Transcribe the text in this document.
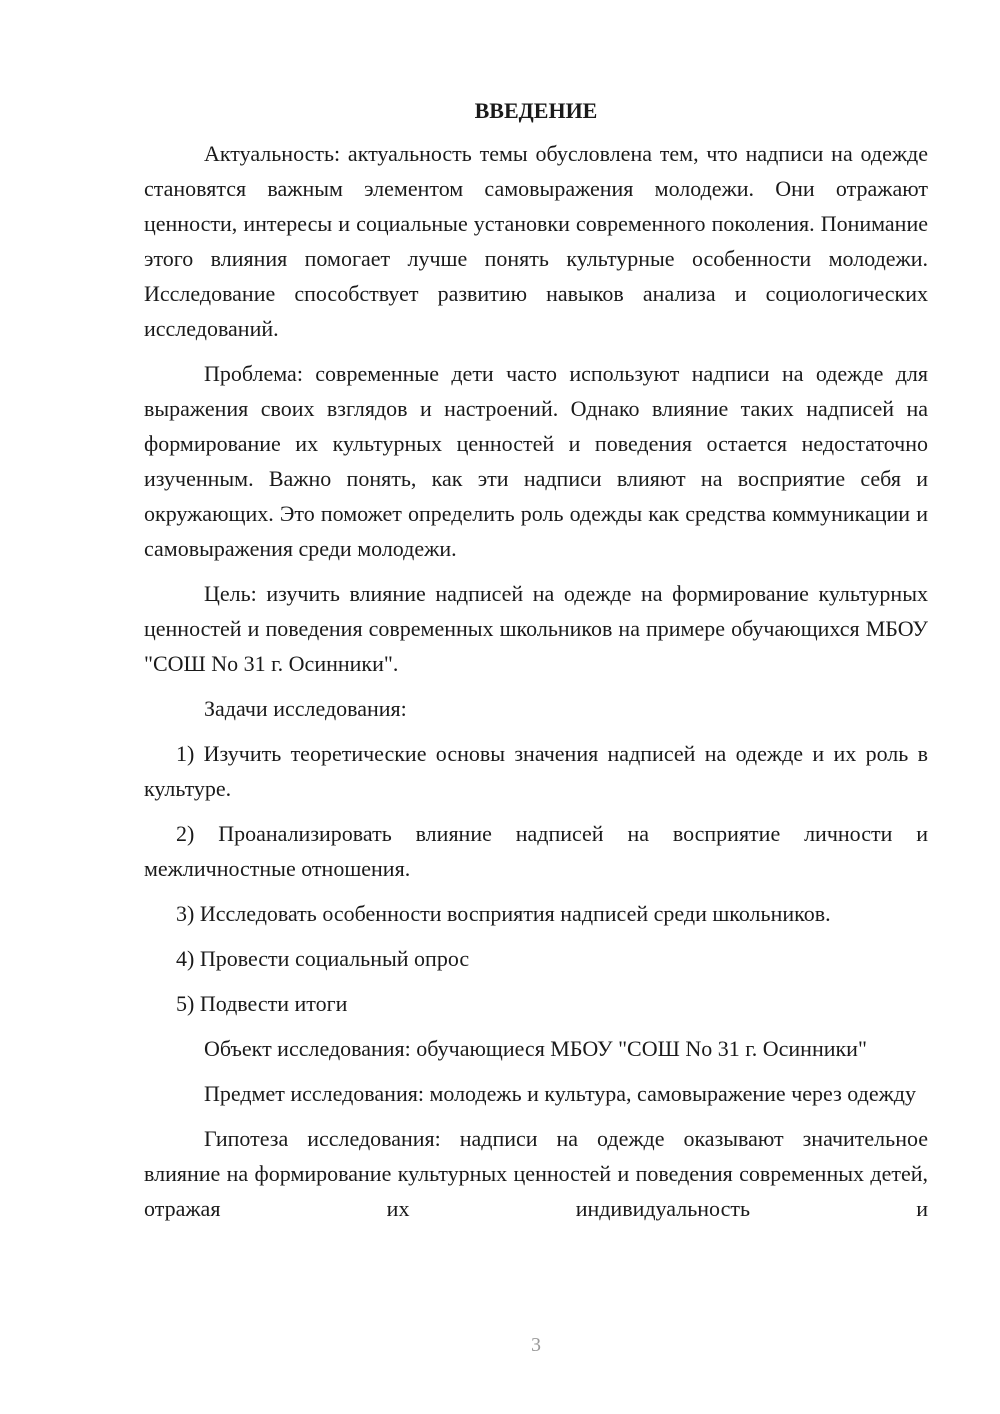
ВВЕДЕНИЕ

Актуальность: актуальность темы обусловлена тем, что надписи на одежде становятся важным элементом самовыражения молодежи. Они отражают ценности, интересы и социальные установки современного поколения. Понимание этого влияния помогает лучше понять культурные особенности молодежи. Исследование способствует развитию навыков анализа и социологических исследований.

Проблема: современные дети часто используют надписи на одежде для выражения своих взглядов и настроений. Однако влияние таких надписей на формирование их культурных ценностей и поведения остается недостаточно изученным. Важно понять, как эти надписи влияют на восприятие себя и окружающих. Это поможет определить роль одежды как средства коммуникации и самовыражения среди молодежи.

Цель: изучить влияние надписей на одежде на формирование культурных ценностей и поведения современных школьников на примере обучающихся МБОУ "СОШ No 31 г. Осинники".

Задачи исследования:

1) Изучить теоретические основы значения надписей на одежде и их роль в культуре.

2) Проанализировать влияние надписей на восприятие личности и межличностные отношения.

3) Исследовать особенности восприятия надписей среди школьников.

4) Провести социальный опрос

5) Подвести итоги

Объект исследования: обучающиеся МБОУ "СОШ No 31 г. Осинники"

Предмет исследования: молодежь и культура, самовыражение через одежду

Гипотеза исследования: надписи на одежде оказывают значительное влияние на формирование культурных ценностей и поведения современных детей, отражая их индивидуальность и

3
